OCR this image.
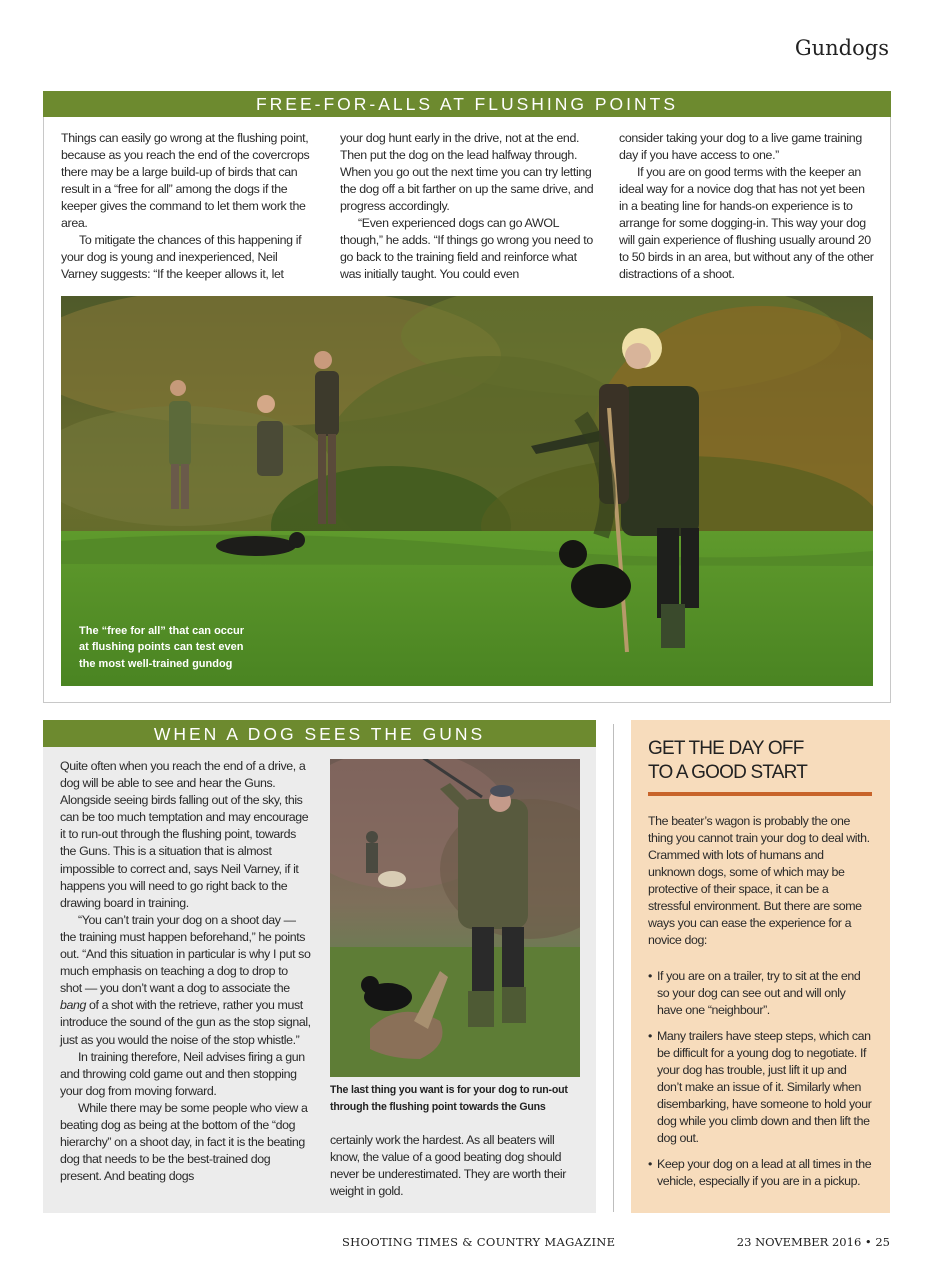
Gundogs
FREE-FOR-ALLS AT FLUSHING POINTS

Things can easily go wrong at the flushing point, because as you reach the end of the covercrops there may be a large build-up of birds that can result in a “free for all” among the dogs if the keeper gives the command to let them work the area.

To mitigate the chances of this happening if your dog is young and inexperienced, Neil Varney suggests: “If the keeper allows it, let

your dog hunt early in the drive, not at the end. Then put the dog on the lead halfway through. When you go out the next time you can try letting the dog off a bit farther on up the same drive, and progress accordingly.

“Even experienced dogs can go AWOL though,” he adds. “If things go wrong you need to go back to the training field and reinforce what was initially taught. You could even

consider taking your dog to a live game training day if you have access to one.”

If you are on good terms with the keeper an ideal way for a novice dog that has not yet been in a beating line for hands-on experience is to arrange for some dogging-in. This way your dog will gain experience of flushing usually around 20 to 50 birds in an area, but without any of the other distractions of a shoot.

The “free for all” that can occur at flushing points can test even the most well-trained gundog
WHEN A DOG SEES THE GUNS

Quite often when you reach the end of a drive, a dog will be able to see and hear the Guns. Alongside seeing birds falling out of the sky, this can be too much temptation and may encourage it to run-out through the flushing point, towards the Guns. This is a situation that is almost impossible to correct and, says Neil Varney, if it happens you will need to go right back to the drawing board in training.

“You can’t train your dog on a shoot day — the training must happen beforehand,” he points out. “And this situation in particular is why I put so much emphasis on teaching a dog to drop to shot — you don’t want a dog to associate the bang of a shot with the retrieve, rather you must introduce the sound of the gun as the stop signal, just as you would the noise of the stop whistle.”

In training therefore, Neil advises firing a gun and throwing cold game out and then stopping your dog from moving forward.

While there may be some people who view a beating dog as being at the bottom of the “dog hierarchy” on a shoot day, in fact it is the beating dog that needs to be the best-trained dog present. And beating dogs

The last thing you want is for your dog to run-out through the flushing point towards the Guns

certainly work the hardest. As all beaters will know, the value of a good beating dog should never be underestimated. They are worth their weight in gold.

GET THE DAY OFF
TO A GOOD START

The beater’s wagon is probably the one thing you cannot train your dog to deal with. Crammed with lots of humans and unknown dogs, some of which may be protective of their space, it can be a stressful environment. But there are some ways you can ease the experience for a novice dog:

• If you are on a trailer, try to sit at the end so your dog can see out and will only have one “neighbour”.
• Many trailers have steep steps, which can be difficult for a young dog to negotiate. If your dog has trouble, just lift it up and don’t make an issue of it. Similarly when disembarking, have someone to hold your dog while you climb down and then lift the dog out.
• Keep your dog on a lead at all times in the vehicle, especially if you are in a pickup.
SHOOTING TIMES & COUNTRY MAGAZINE	23 NOVEMBER 2016 • 25
